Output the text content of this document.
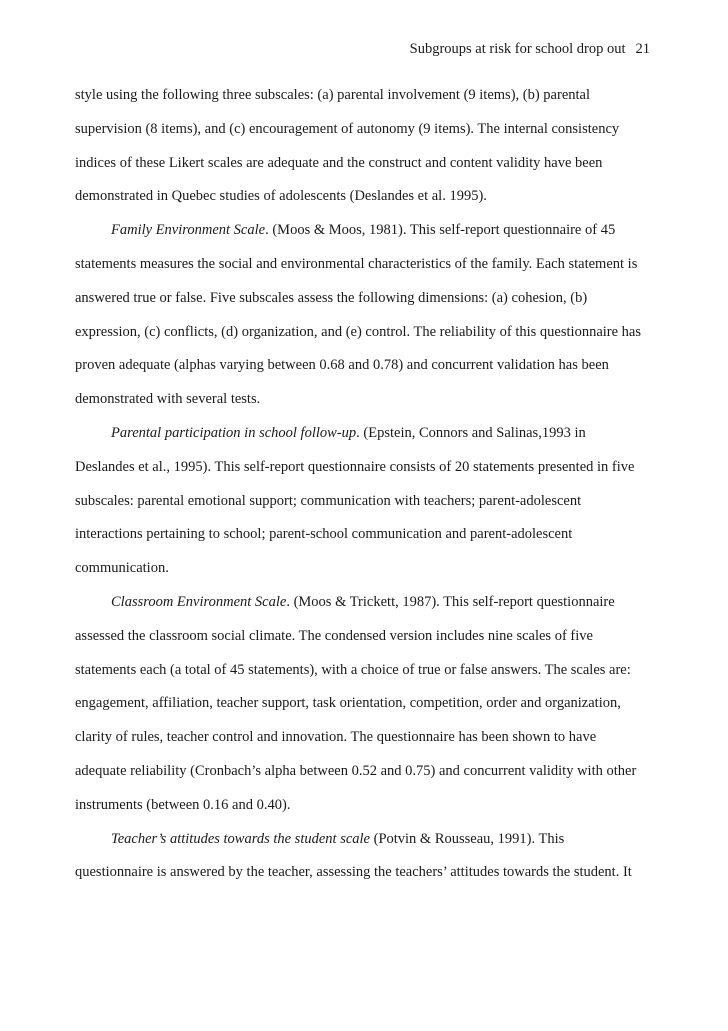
Subgroups at risk for school drop out 21
style using the following three subscales: (a) parental involvement (9 items), (b) parental
supervision (8 items), and (c) encouragement of autonomy (9 items). The internal consistency
indices of these Likert scales are adequate and the construct and content validity have been
demonstrated in Quebec studies of adolescents (Deslandes et al. 1995).
Family Environment Scale. (Moos & Moos, 1981). This self-report questionnaire of 45
statements measures the social and environmental characteristics of the family. Each statement is
answered true or false. Five subscales assess the following dimensions: (a) cohesion, (b)
expression, (c) conflicts, (d) organization, and (e) control. The reliability of this questionnaire has
proven adequate (alphas varying between 0.68 and 0.78) and concurrent validation has been
demonstrated with several tests.
Parental participation in school follow-up. (Epstein, Connors and Salinas,1993 in
Deslandes et al., 1995). This self-report questionnaire consists of 20 statements presented in five
subscales: parental emotional support; communication with teachers; parent-adolescent
interactions pertaining to school; parent-school communication and parent-adolescent
communication.
Classroom Environment Scale. (Moos & Trickett, 1987). This self-report questionnaire
assessed the classroom social climate. The condensed version includes nine scales of five
statements each (a total of 45 statements), with a choice of true or false answers. The scales are:
engagement, affiliation, teacher support, task orientation, competition, order and organization,
clarity of rules, teacher control and innovation. The questionnaire has been shown to have
adequate reliability (Cronbach’s alpha between 0.52 and 0.75) and concurrent validity with other
instruments (between 0.16 and 0.40).
Teacher’s attitudes towards the student scale (Potvin & Rousseau, 1991). This
questionnaire is answered by the teacher, assessing the teachers’ attitudes towards the student. It
